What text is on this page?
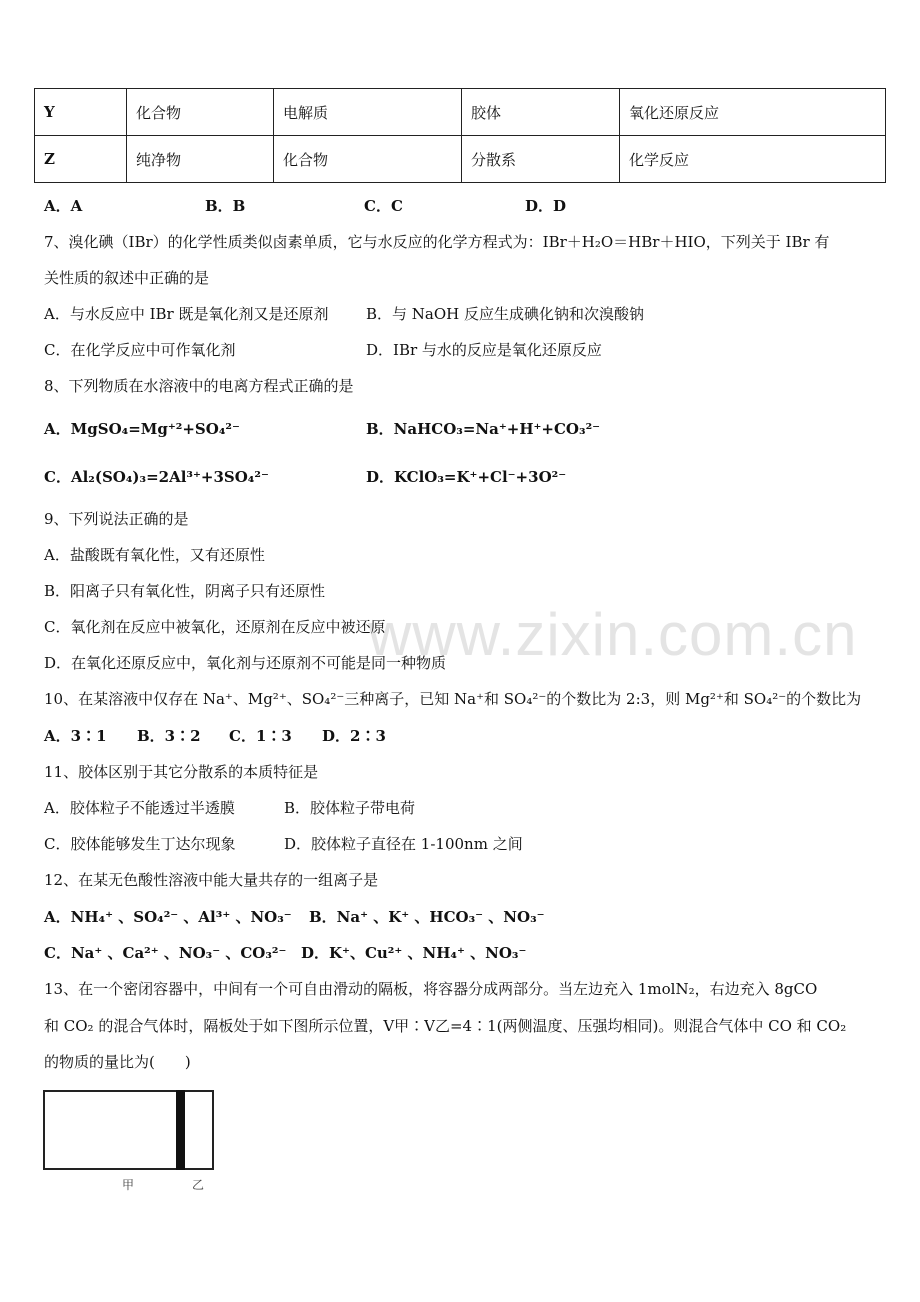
www.zixin.com.cn
Y	化合物	电解质	胶体	氧化还原反应
Z	纯净物	化合物	分散系	化学反应
A．A	B．B	C．C	D．D
7、溴化碘（IBr）的化学性质类似卤素单质，它与水反应的化学方程式为：IBr＋H₂O＝HBr＋HIO，下列关于 IBr 有
关性质的叙述中正确的是
A．与水反应中 IBr 既是氧化剂又是还原剂	B．与 NaOH 反应生成碘化钠和次溴酸钠
C．在化学反应中可作氧化剂	D．IBr 与水的反应是氧化还原反应
8、下列物质在水溶液中的电离方程式正确的是
A．MgSO₄=Mg⁺²+SO₄²⁻	B．NaHCO₃=Na⁺+H⁺+CO₃²⁻
C．Al₂(SO₄)₃=2Al³⁺+3SO₄²⁻	D．KClO₃=K⁺+Cl⁻+3O²⁻
9、下列说法正确的是
A．盐酸既有氧化性，又有还原性
B．阳离子只有氧化性，阴离子只有还原性
C．氧化剂在反应中被氧化，还原剂在反应中被还原
D．在氧化还原反应中，氧化剂与还原剂不可能是同一种物质
10、在某溶液中仅存在 Na⁺、Mg²⁺、SO₄²⁻三种离子，已知 Na⁺和 SO₄²⁻的个数比为 2:3，则 Mg²⁺和 SO₄²⁻的个数比为
A．3∶1 B．3∶2 C．1∶3 D．2∶3
11、胶体区别于其它分散系的本质特征是
A．胶体粒子不能透过半透膜	B．胶体粒子带电荷
C．胶体能够发生丁达尔现象	D．胶体粒子直径在 1-100nm 之间
12、在某无色酸性溶液中能大量共存的一组离子是
A．NH₄⁺ 、SO₄²⁻ 、Al³⁺ 、NO₃⁻ B．Na⁺ 、K⁺ 、HCO₃⁻ 、NO₃⁻
C．Na⁺ 、Ca²⁺ 、NO₃⁻ 、CO₃²⁻ D．K⁺、Cu²⁺ 、NH₄⁺ 、NO₃⁻
13、在一个密闭容器中，中间有一个可自由滑动的隔板，将容器分成两部分。当左边充入 1molN₂，右边充入 8gCO
和 CO₂ 的混合气体时，隔板处于如下图所示位置，V甲∶V乙=4∶1(两侧温度、压强均相同)。则混合气体中 CO 和 CO₂
的物质的量比为(　　)
甲	乙
